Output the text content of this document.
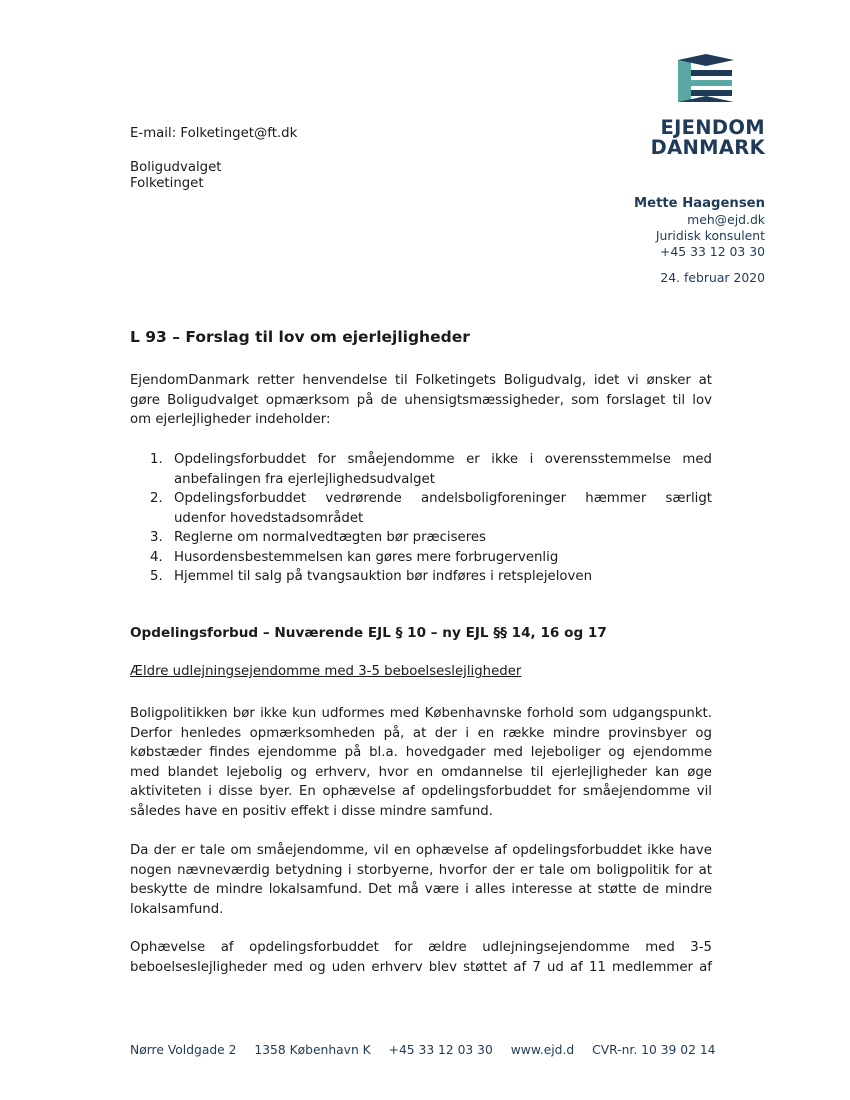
EJENDOM
DANMARK
E-mail: Folketinget@ft.dk
Boligudvalget
Folketinget
Mette Haagensen
meh@ejd.dk
Juridisk konsulent
+45 33 12 03 30
24. februar 2020
L 93 – Forslag til lov om ejerlejligheder
EjendomDanmark retter henvendelse til Folketingets Boligudvalg, idet vi ønsker at
gøre Boligudvalget opmærksom på de uhensigtsmæssigheder, som forslaget til lov
om ejerlejligheder indeholder:
1. Opdelingsforbuddet for småejendomme er ikke i overensstemmelse med
anbefalingen fra ejerlejlighedsudvalget
2. Opdelingsforbuddet vedrørende andelsboligforeninger hæmmer særligt
udenfor hovedstadsområdet
3. Reglerne om normalvedtægten bør præciseres
4. Husordensbestemmelsen kan gøres mere forbrugervenlig
5. Hjemmel til salg på tvangsauktion bør indføres i retsplejeloven
Opdelingsforbud – Nuværende EJL § 10 – ny EJL §§ 14, 16 og 17
Ældre udlejningsejendomme med 3-5 beboelseslejligheder
Boligpolitikken bør ikke kun udformes med Københavnske forhold som udgangspunkt.
Derfor henledes opmærksomheden på, at der i en række mindre provinsbyer og
købstæder findes ejendomme på bl.a. hovedgader med lejeboliger og ejendomme
med blandet lejebolig og erhverv, hvor en omdannelse til ejerlejligheder kan øge
aktiviteten i disse byer. En ophævelse af opdelingsforbuddet for småejendomme vil
således have en positiv effekt i disse mindre samfund.
Da der er tale om småejendomme, vil en ophævelse af opdelingsforbuddet ikke have
nogen nævneværdig betydning i storbyerne, hvorfor der er tale om boligpolitik for at
beskytte de mindre lokalsamfund. Det må være i alles interesse at støtte de mindre
lokalsamfund.
Ophævelse af opdelingsforbuddet for ældre udlejningsejendomme med 3-5
beboelseslejligheder med og uden erhverv blev støttet af 7 ud af 11 medlemmer af
Nørre Voldgade 2 1358 København K +45 33 12 03 30 www.ejd.d CVR-nr. 10 39 02 14
